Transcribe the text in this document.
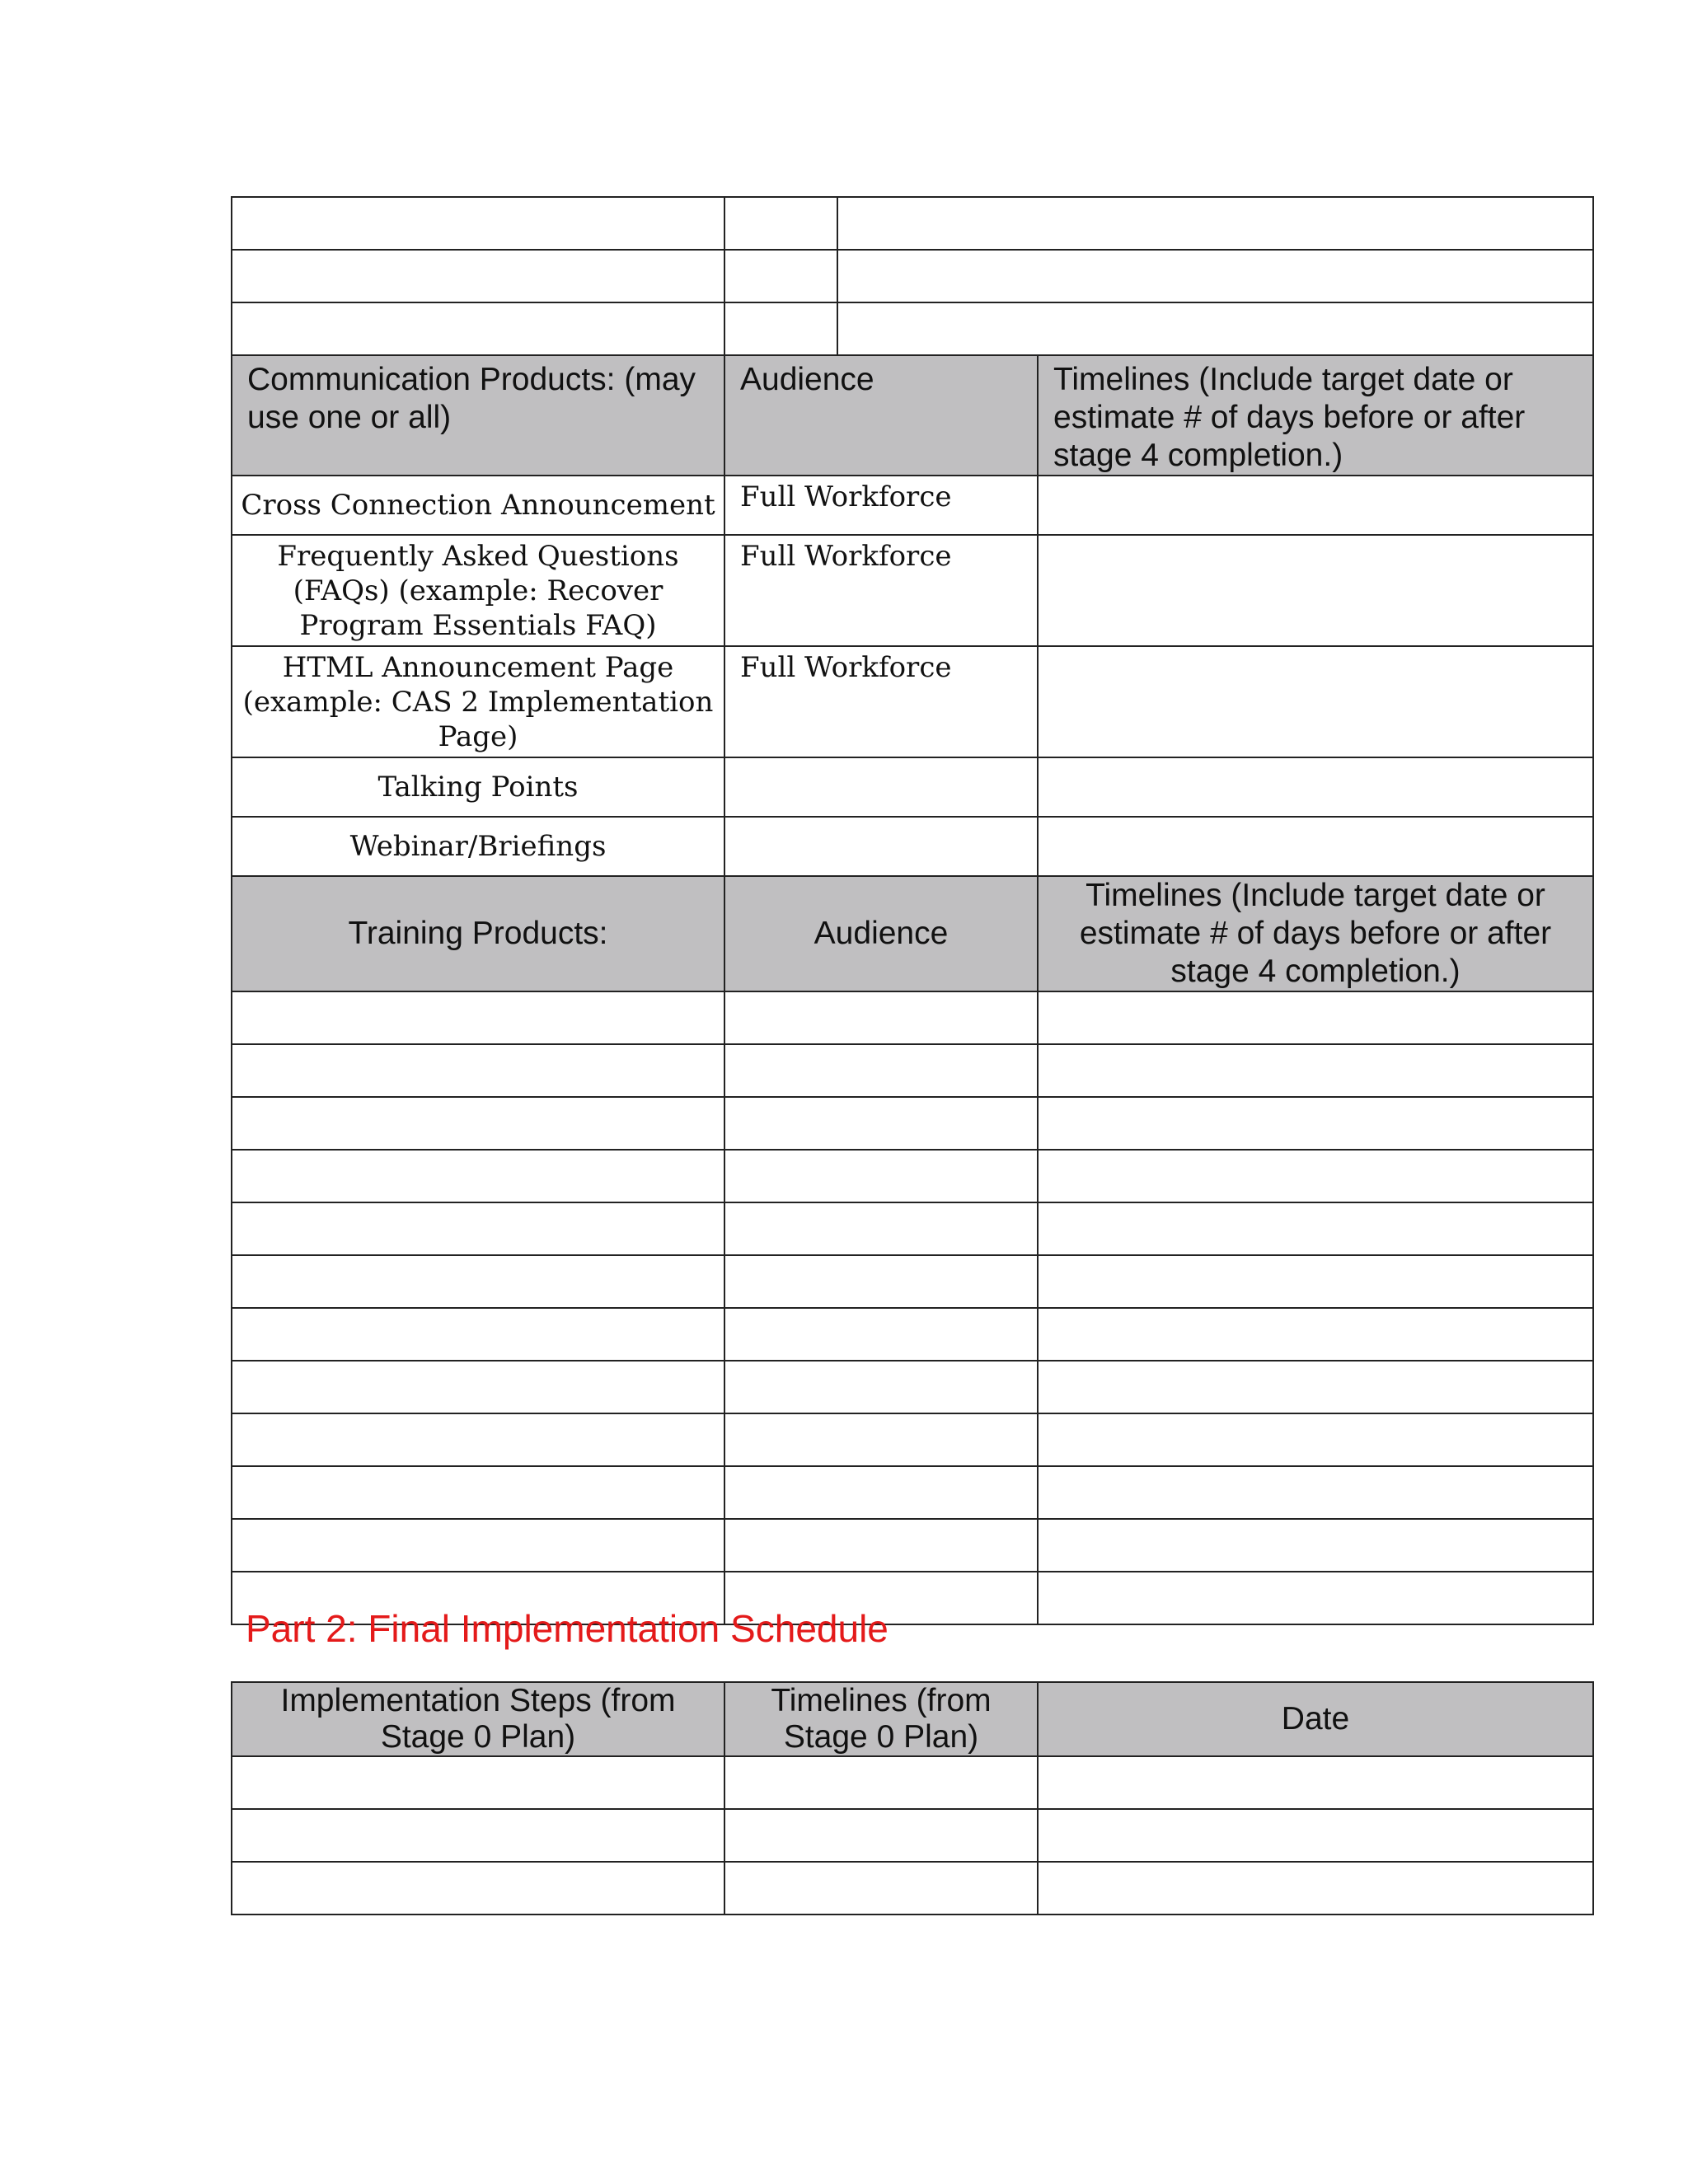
Communication Products: (may use one or all)	Audience	Timelines (Include target date or estimate # of days before or after stage 4 completion.)
Cross Connection Announcement	Full Workforce	
Frequently Asked Questions (FAQs) (example: Recover Program Essentials FAQ)	Full Workforce	
HTML Announcement Page (example: CAS 2 Implementation Page)	Full Workforce	
Talking Points		
Webinar/Briefings		
Training Products:	Audience	Timelines (Include target date or estimate # of days before or after stage 4 completion.)

Part 2: Final Implementation Schedule
Implementation Steps (from Stage 0 Plan)	Timelines (from Stage 0 Plan)	Date
